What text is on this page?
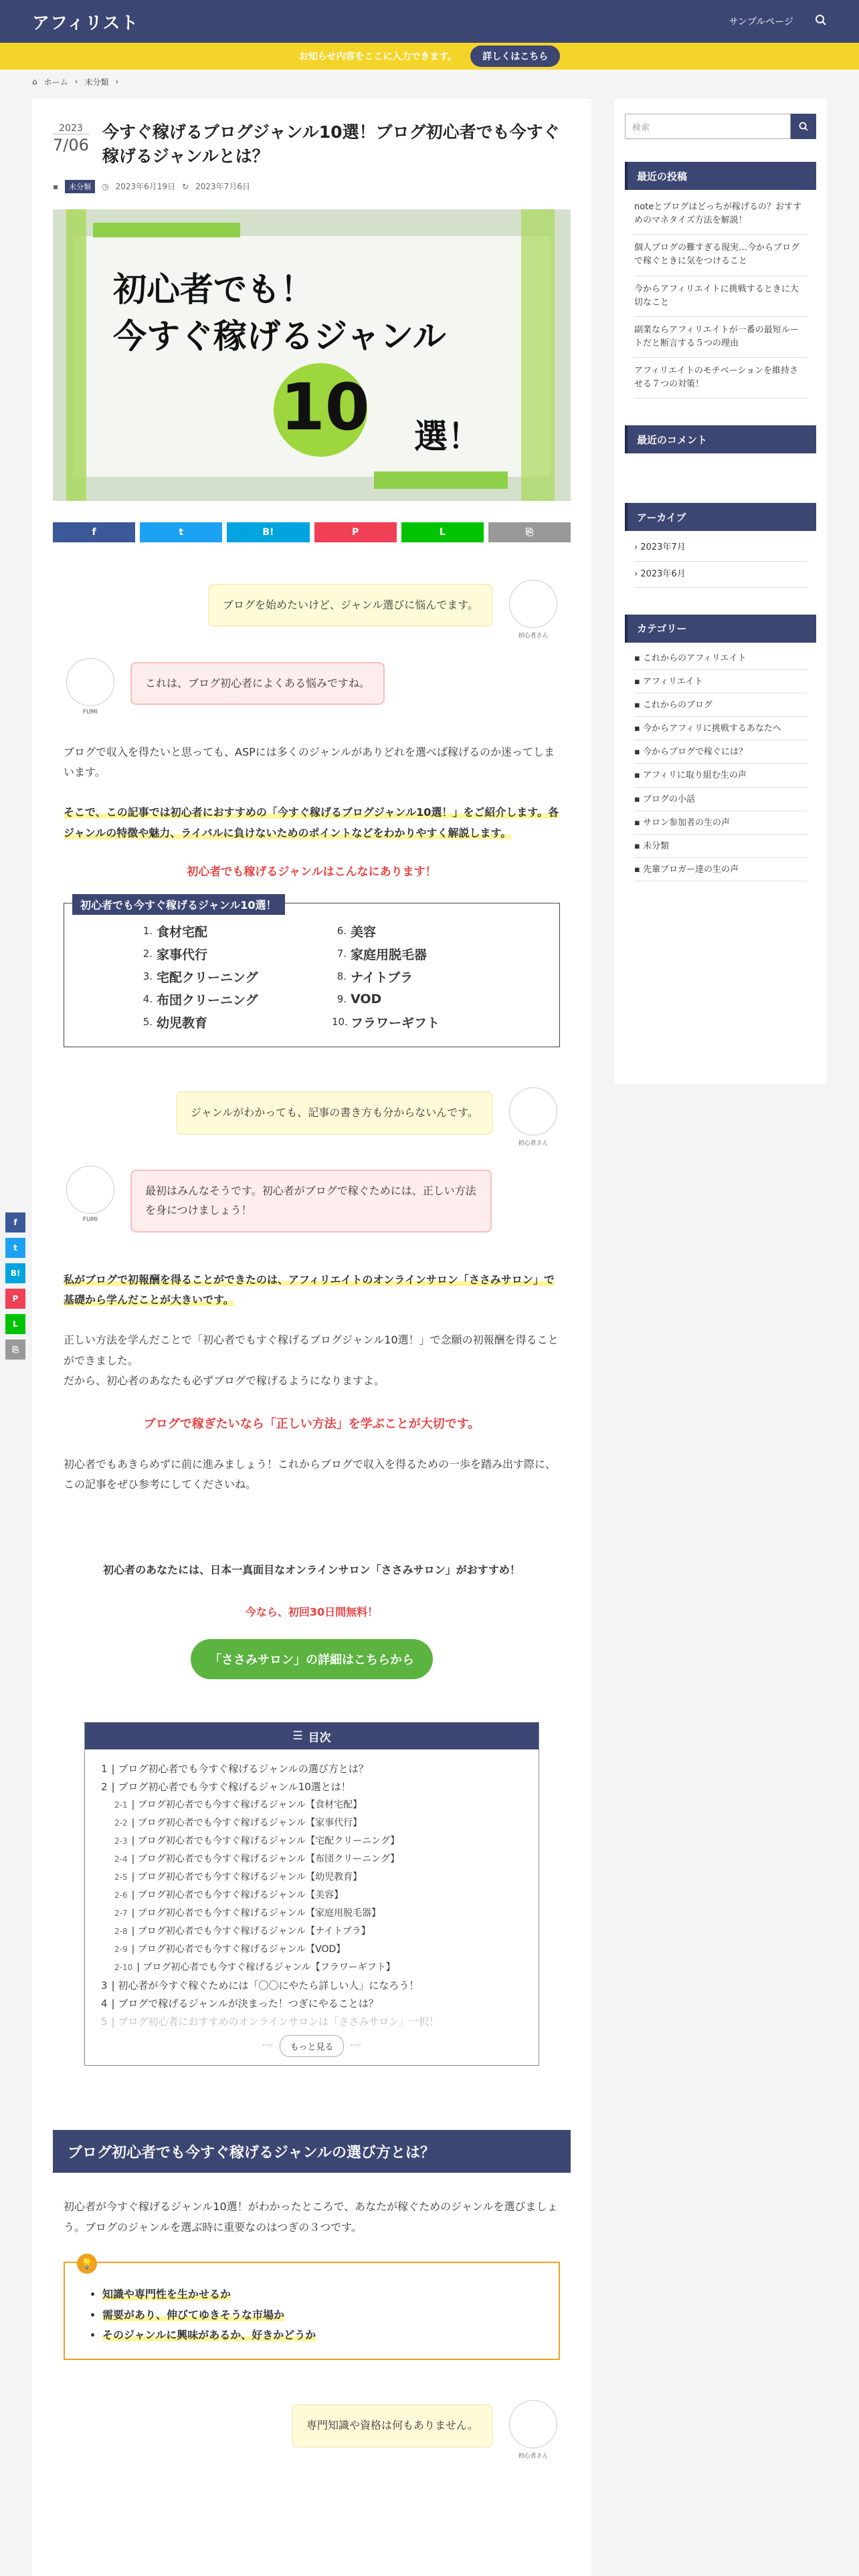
アフィリスト	サンプルページ
お知らせ内容をここに入力できます。	詳しくはこちら
⌂ ホーム › 未分類 ›
2023
7/06
今すぐ稼げるブログジャンル10選！ブログ初心者でも今すぐ稼げるジャンルとは？
▪	未分類	◷ 2023年6月19日 ↻ 2023年7月6日
初心者でも！
今すぐ稼げるジャンル
10 選！
f	t	B!	P	L	⎘
ブログを始めたいけど、ジャンル選びに悩んでます。
初心者さん
FUMI
これは、ブログ初心者によくある悩みですね。

ブログで収入を得たいと思っても、ASPには多くのジャンルがありどれを選べば稼げるのか迷ってしまいます。

そこで、この記事では初心者におすすめの「今すぐ稼げるブログジャンル10選！」をご紹介します。各ジャンルの特徴や魅力、ライバルに負けないためのポイントなどをわかりやすく解説します。

初心者でも稼げるジャンルはこんなにあります！
初心者でも今すぐ稼げるジャンル10選！
1. 食材宅配
2. 家事代行
3. 宅配クリーニング
4. 布団クリーニング
5. 幼児教育
6. 美容
7. 家庭用脱毛器
8. ナイトブラ
9. VOD
10. フラワーギフト
ジャンルがわかっても、記事の書き方も分からないんです。
初心者さん
FUMI
最初はみんなそうです。初心者がブログで稼ぐためには、正しい方法を身につけましょう！

私がブログで初報酬を得ることができたのは、アフィリエイトのオンラインサロン「ささみサロン」で基礎から学んだことが大きいです。

正しい方法を学んだことで「初心者でもすぐ稼げるブログジャンル10選！」で念願の初報酬を得ることができました。
だから、初心者のあなたも必ずブログで稼げるようになりますよ。

ブログで稼ぎたいなら「正しい方法」を学ぶことが大切です。

初心者でもあきらめずに前に進みましょう！これからブログで収入を得るための一歩を踏み出す際に、この記事をぜひ参考にしてくださいね。

初心者のあなたには、日本一真面目なオンラインサロン「ささみサロン」がおすすめ！
今なら、初回30日間無料！
「ささみサロン」の詳細はこちらから
☰ 目次
1 | ブログ初心者でも今すぐ稼げるジャンルの選び方とは？
2 | ブログ初心者でも今すぐ稼げるジャンル10選とは！
2-1 | ブログ初心者でも今すぐ稼げるジャンル【食材宅配】
2-2 | ブログ初心者でも今すぐ稼げるジャンル【家事代行】
2-3 | ブログ初心者でも今すぐ稼げるジャンル【宅配クリーニング】
2-4 | ブログ初心者でも今すぐ稼げるジャンル【布団クリーニング】
2-5 | ブログ初心者でも今すぐ稼げるジャンル【幼児教育】
2-6 | ブログ初心者でも今すぐ稼げるジャンル【美容】
2-7 | ブログ初心者でも今すぐ稼げるジャンル【家庭用脱毛器】
2-8 | ブログ初心者でも今すぐ稼げるジャンル【ナイトブラ】
2-9 | ブログ初心者でも今すぐ稼げるジャンル【VOD】
2-10 | ブログ初心者でも今すぐ稼げるジャンル【フラワーギフト】
3 | 初心者が今すぐ稼ぐためには「〇〇にやたら詳しい人」になろう！
4 | ブログで稼げるジャンルが決まった！つぎにやることは？
5 | ブログ初心者におすすめのオンラインサロンは「ささみサロン」一択！
····	もっと見る	····
ブログ初心者でも今すぐ稼げるジャンルの選び方とは？

初心者が今すぐ稼げるジャンル10選！がわかったところで、あなたが稼ぐためのジャンルを選びましょう。ブログのジャンルを選ぶ時に重要なのはつぎの３つです。

💡
• 知識や専門性を生かせるか
• 需要があり、伸びてゆきそうな市場か
• そのジャンルに興味があるか、好きかどうか
専門知識や資格は何もありません。
初心者さん
検索
最近の投稿
noteとブログはどっちが稼げるの？おすすめのマネタイズ方法を解説！
個人ブログの難すぎる現実…今からブログで稼ぐときに気をつけること
今からアフィリエイトに挑戦するときに大切なこと
副業ならアフィリエイトが一番の最短ルートだと断言する５つの理由
アフィリエイトのモチベーションを維持させる７つの対策！
最近のコメント
アーカイブ
› 2023年7月
› 2023年6月
カテゴリー
▪ これからのアフィリエイト
▪ アフィリエイト
▪ これからのブログ
▪ 今からアフィリに挑戦するあなたへ
▪ 今からブログで稼ぐには？
▪ アフィリに取り組む生の声
▪ ブログの小話
▪ サロン参加者の生の声
▪ 未分類
▪ 先輩ブロガー達の生の声
f
t
B!
P
L
⎘
